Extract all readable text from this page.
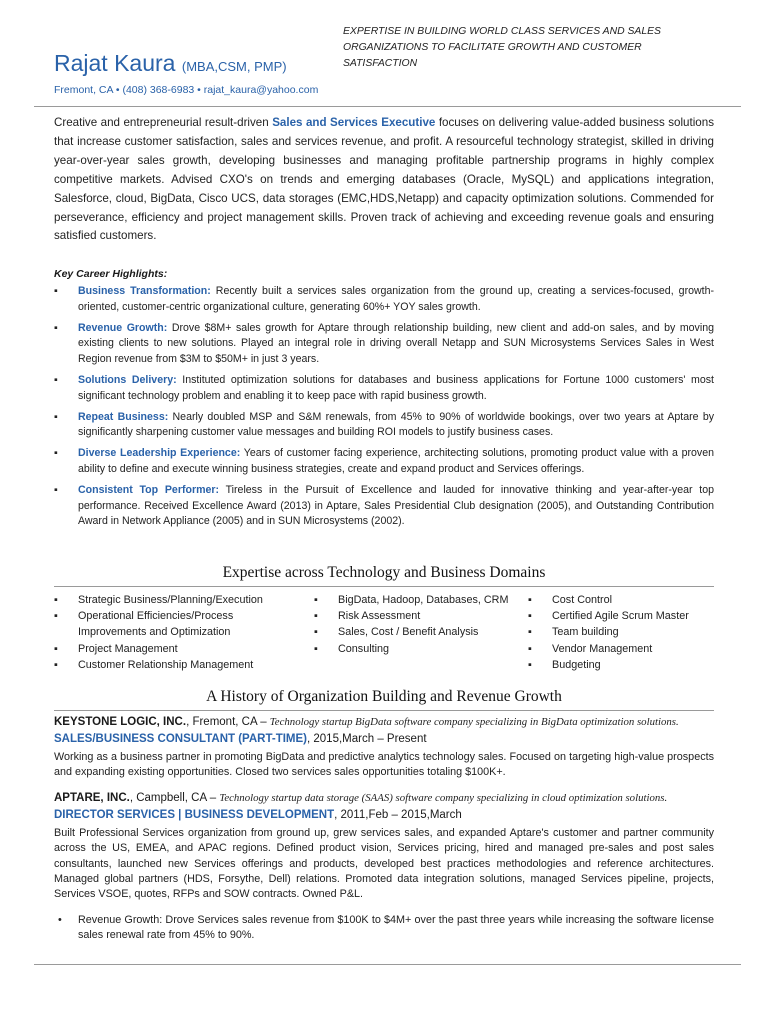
EXPERTISE IN BUILDING WORLD CLASS SERVICES AND SALES ORGANIZATIONS TO FACILITATE GROWTH AND CUSTOMER SATISFACTION
Rajat Kaura (MBA,CSM, PMP)
Fremont, CA • (408) 368-6983 • rajat_kaura@yahoo.com
Creative and entrepreneurial result-driven Sales and Services Executive focuses on delivering value-added business solutions that increase customer satisfaction, sales and services revenue, and profit. A resourceful technology strategist, skilled in driving year-over-year sales growth, developing businesses and managing profitable partnership programs in highly complex competitive markets. Advised CXO's on trends and emerging databases (Oracle, MySQL) and applications integration, Salesforce, cloud, BigData, Cisco UCS, data storages (EMC,HDS,Netapp) and capacity optimization solutions. Commended for perseverance, efficiency and project management skills. Proven track of achieving and exceeding revenue goals and ensuring satisfied customers.
Key Career Highlights:
▪ Business Transformation: Recently built a services sales organization from the ground up, creating a services-focused, growth-oriented, customer-centric organizational culture, generating 60%+ YOY sales growth.
▪ Revenue Growth: Drove $8M+ sales growth for Aptare through relationship building, new client and add-on sales, and by moving existing clients to new solutions. Played an integral role in driving overall Netapp and SUN Microsystems Services Sales in West Region revenue from $3M to $50M+ in just 3 years.
▪ Solutions Delivery: Instituted optimization solutions for databases and business applications for Fortune 1000 customers' most significant technology problem and enabling it to keep pace with rapid business growth.
▪ Repeat Business: Nearly doubled MSP and S&M renewals, from 45% to 90% of worldwide bookings, over two years at Aptare by significantly sharpening customer value messages and building ROI models to justify business cases.
▪ Diverse Leadership Experience: Years of customer facing experience, architecting solutions, promoting product value with a proven ability to define and execute winning business strategies, create and expand product and Services offerings.
▪ Consistent Top Performer: Tireless in the Pursuit of Excellence and lauded for innovative thinking and year-after-year top performance. Received Excellence Award (2013) in Aptare, Sales Presidential Club designation (2005), and Outstanding Contribution Award in Network Appliance (2005) and in SUN Microsystems (2002).
Expertise across Technology and Business Domains
▪ Strategic Business/Planning/Execution
▪ Operational Efficiencies/Process Improvements and Optimization
▪ Project Management
▪ Customer Relationship Management
▪ BigData, Hadoop, Databases, CRM
▪ Risk Assessment
▪ Sales, Cost / Benefit Analysis
▪ Consulting
▪ Cost Control
▪ Certified Agile Scrum Master
▪ Team building
▪ Vendor Management
▪ Budgeting
A History of Organization Building and Revenue Growth
KEYSTONE LOGIC, INC., Fremont, CA – Technology startup BigData software company specializing in BigData optimization solutions.
SALES/BUSINESS CONSULTANT (PART-TIME), 2015,March – Present
Working as a business partner in promoting BigData and predictive analytics technology sales. Focused on targeting high-value prospects and expanding existing opportunities. Closed two services sales opportunities totaling $100K+.
APTARE, INC., Campbell, CA – Technology startup data storage (SAAS) software company specializing in cloud optimization solutions.
DIRECTOR SERVICES | BUSINESS DEVELOPMENT, 2011,Feb – 2015,March
Built Professional Services organization from ground up, grew services sales, and expanded Aptare's customer and partner community across the US, EMEA, and APAC regions. Defined product vision, Services pricing, hired and managed pre-sales and post sales consultants, launched new Services offerings and products, developed best practices methodologies and reference architectures. Managed global partners (HDS, Forsythe, Dell) relations. Promoted data integration solutions, managed Services pipeline, projects, Services VSOE, quotes, RFPs and SOW contracts. Owned P&L.
• Revenue Growth: Drove Services sales revenue from $100K to $4M+ over the past three years while increasing the software license sales renewal rate from 45% to 90%.
